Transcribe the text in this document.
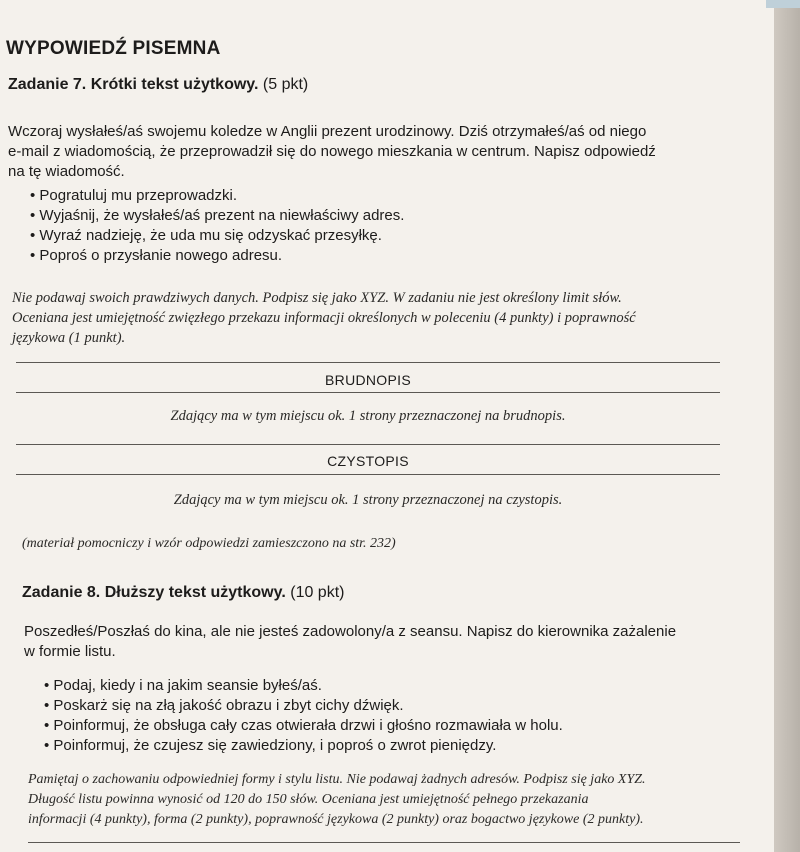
WYPOWIEDŹ PISEMNA
Zadanie 7. Krótki tekst użytkowy. (5 pkt)
Wczoraj wysłałeś/aś swojemu koledze w Anglii prezent urodzinowy. Dziś otrzymałeś/aś od niego
e-mail z wiadomością, że przeprowadził się do nowego mieszkania w centrum. Napisz odpowiedź
na tę wiadomość.
• Pogratuluj mu przeprowadzki.
• Wyjaśnij, że wysłałeś/aś prezent na niewłaściwy adres.
• Wyraź nadzieję, że uda mu się odzyskać przesyłkę.
• Poproś o przysłanie nowego adresu.
Nie podawaj swoich prawdziwych danych. Podpisz się jako XYZ. W zadaniu nie jest określony limit słów.
Oceniana jest umiejętność zwięzłego przekazu informacji określonych w poleceniu (4 punkty) i poprawność
językowa (1 punkt).
BRUDNOPIS
Zdający ma w tym miejscu ok. 1 strony przeznaczonej na brudnopis.
CZYSTOPIS
Zdający ma w tym miejscu ok. 1 strony przeznaczonej na czystopis.
(materiał pomocniczy i wzór odpowiedzi zamieszczono na str. 232)
Zadanie 8. Dłuższy tekst użytkowy. (10 pkt)
Poszedłeś/Poszłaś do kina, ale nie jesteś zadowolony/a z seansu. Napisz do kierownika zażalenie
w formie listu.
• Podaj, kiedy i na jakim seansie byłeś/aś.
• Poskarż się na złą jakość obrazu i zbyt cichy dźwięk.
• Poinformuj, że obsługa cały czas otwierała drzwi i głośno rozmawiała w holu.
• Poinformuj, że czujesz się zawiedziony, i poproś o zwrot pieniędzy.
Pamiętaj o zachowaniu odpowiedniej formy i stylu listu. Nie podawaj żadnych adresów. Podpisz się jako XYZ.
Długość listu powinna wynosić od 120 do 150 słów. Oceniana jest umiejętność pełnego przekazania
informacji (4 punkty), forma (2 punkty), poprawność językowa (2 punkty) oraz bogactwo językowe (2 punkty).
